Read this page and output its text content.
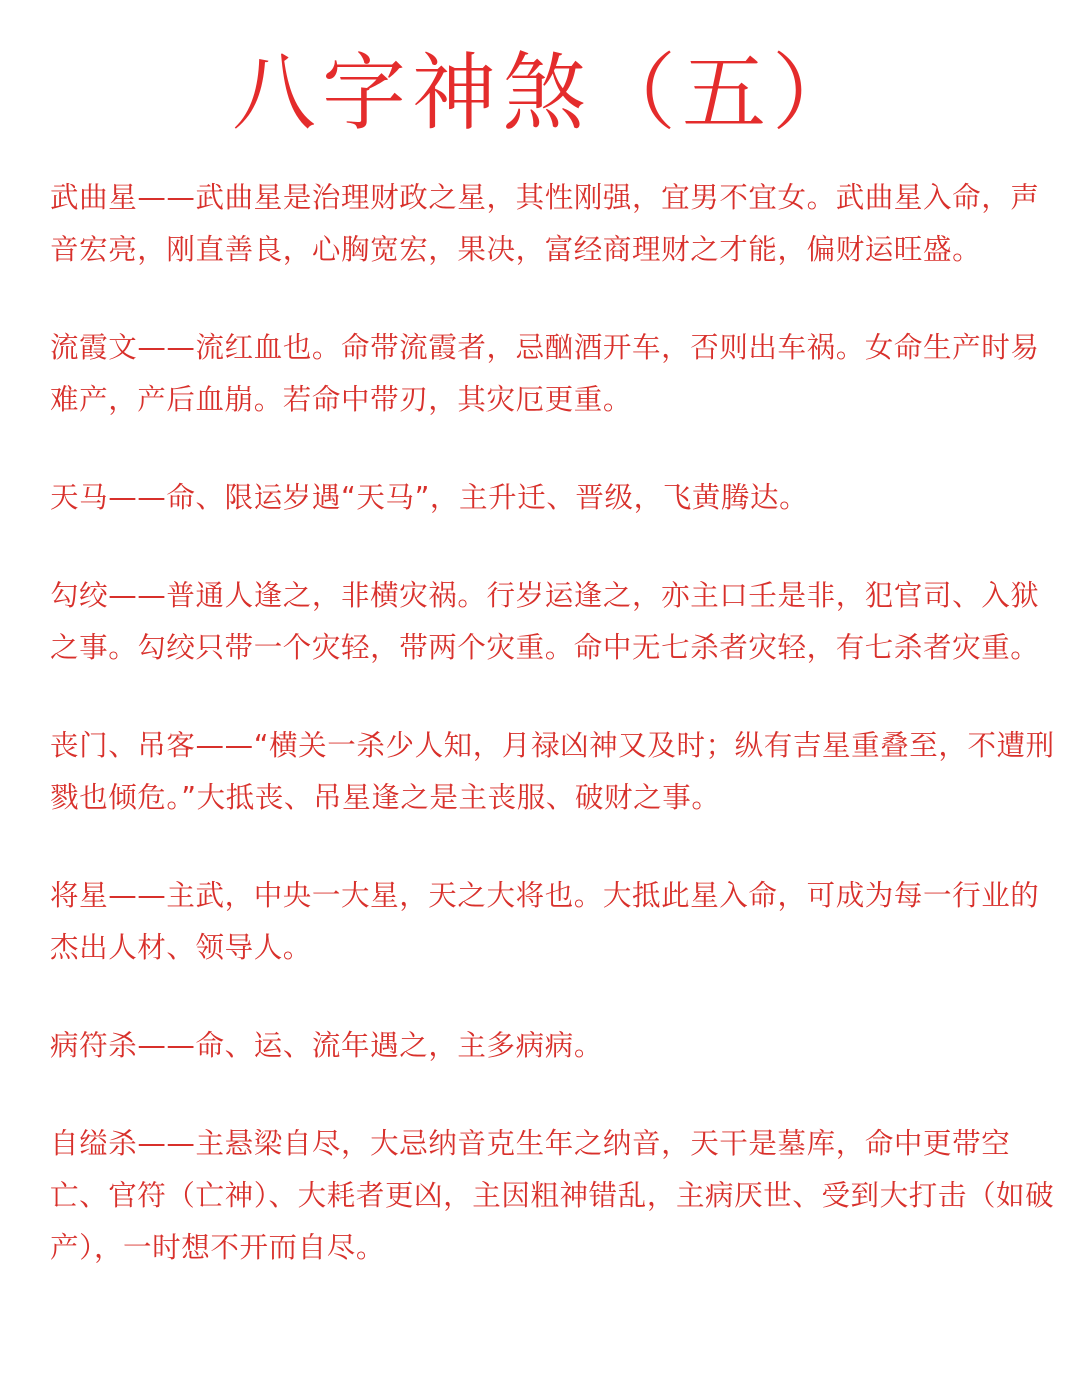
八字神煞（五）

武曲星——武曲星是治理财政之星，其性刚强，宜男不宜女。武曲星入命，声音宏亮，刚直善良，心胸宽宏，果决，富经商理财之才能，偏财运旺盛。

流霞文——流红血也。命带流霞者，忌酗酒开车，否则出车祸。女命生产时易难产，产后血崩。若命中带刃，其灾厄更重。

天马——命、限运岁遇“天马”，主升迁、晋级，飞黄腾达。

勾绞——普通人逢之，非横灾祸。行岁运逢之，亦主口壬是非，犯官司、入狱之事。勾绞只带一个灾轻，带两个灾重。命中无七杀者灾轻，有七杀者灾重。

丧门、吊客——“横关一杀少人知，月禄凶神又及时；纵有吉星重叠至，不遭刑戮也倾危。”大抵丧、吊星逢之是主丧服、破财之事。

将星——主武，中央一大星，天之大将也。大抵此星入命，可成为每一行业的杰出人材、领导人。

病符杀——命、运、流年遇之，主多病病。

自缢杀——主悬梁自尽，大忌纳音克生年之纳音，天干是墓库，命中更带空亡、官符（亡神）、大耗者更凶，主因粗神错乱，主病厌世、受到大打击（如破产），一时想不开而自尽。
